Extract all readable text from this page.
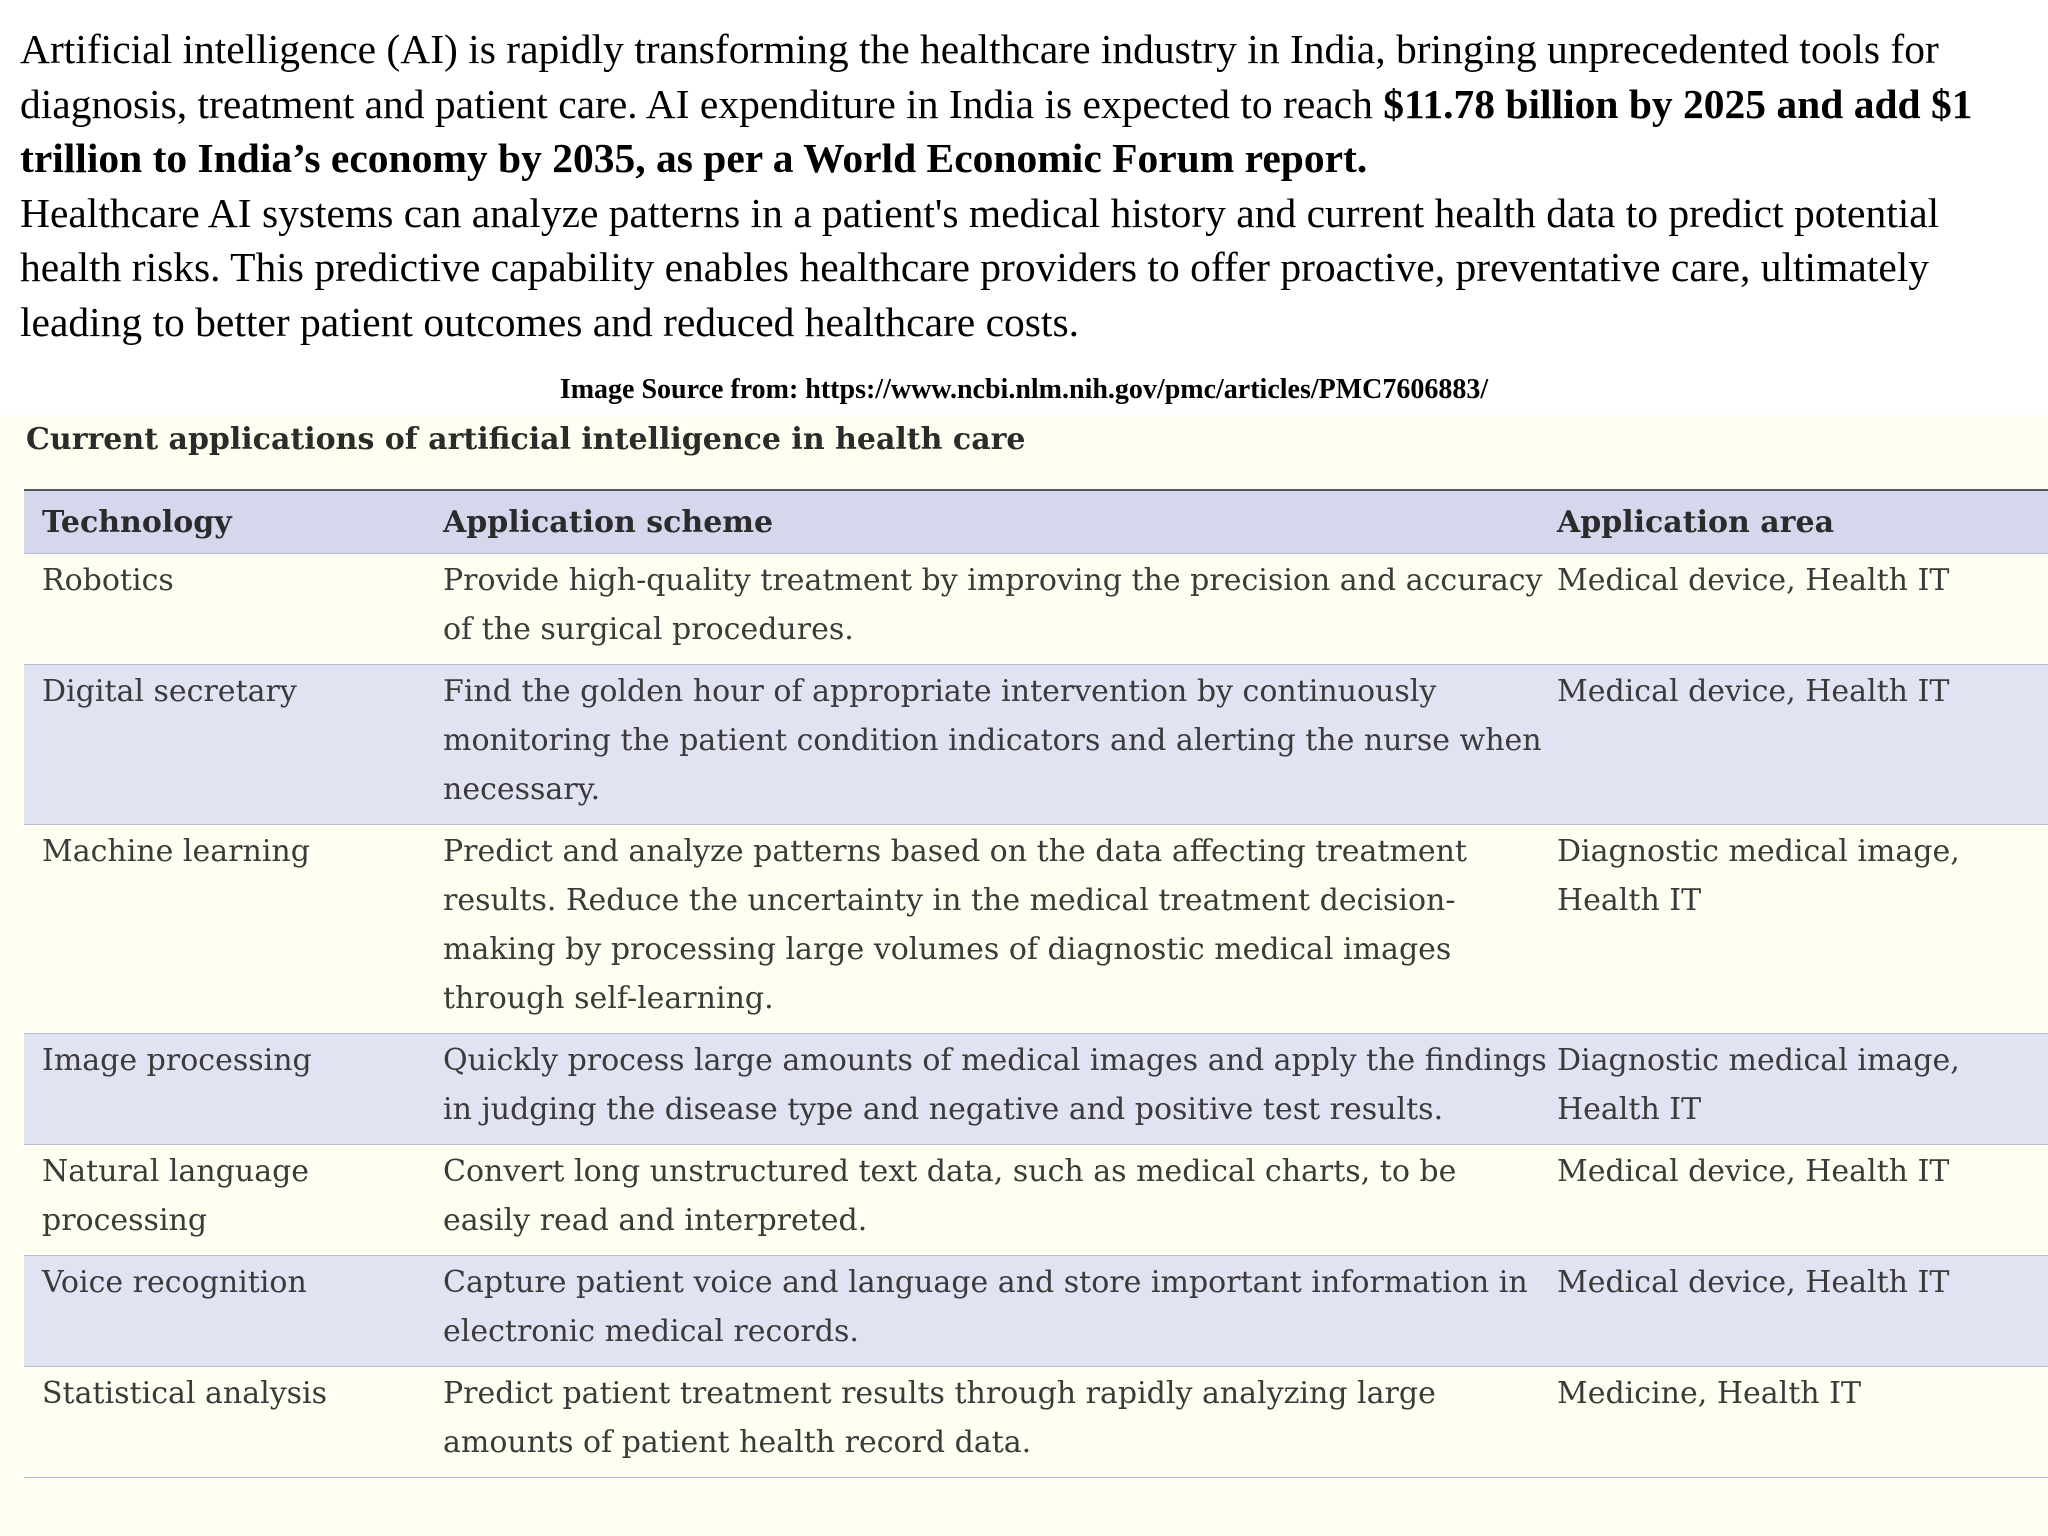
Artificial intelligence (AI) is rapidly transforming the healthcare industry in India, bringing unprecedented tools for diagnosis, treatment and patient care. AI expenditure in India is expected to reach $11.78 billion by 2025 and add $1 trillion to India’s economy by 2035, as per a World Economic Forum report.

Healthcare AI systems can analyze patterns in a patient's medical history and current health data to predict potential health risks. This predictive capability enables healthcare providers to offer proactive, preventative care, ultimately leading to better patient outcomes and reduced healthcare costs.

Image Source from: https://www.ncbi.nlm.nih.gov/pmc/articles/PMC7606883/
Current applications of artificial intelligence in health care
Technology	Application scheme	Application area
Robotics	Provide high-quality treatment by improving the precision and accuracy of the surgical procedures.	Medical device, Health IT
Digital secretary	Find the golden hour of appropriate intervention by continuously monitoring the patient condition indicators and alerting the nurse when necessary.	Medical device, Health IT
Machine learning	Predict and analyze patterns based on the data affecting treatment results. Reduce the uncertainty in the medical treatment decision-making by processing large volumes of diagnostic medical images through self-learning.	Diagnostic medical image, Health IT
Image processing	Quickly process large amounts of medical images and apply the findings in judging the disease type and negative and positive test results.	Diagnostic medical image, Health IT
Natural language processing	Convert long unstructured text data, such as medical charts, to be easily read and interpreted.	Medical device, Health IT
Voice recognition	Capture patient voice and language and store important information in electronic medical records.	Medical device, Health IT
Statistical analysis	Predict patient treatment results through rapidly analyzing large amounts of patient health record data.	Medicine, Health IT
